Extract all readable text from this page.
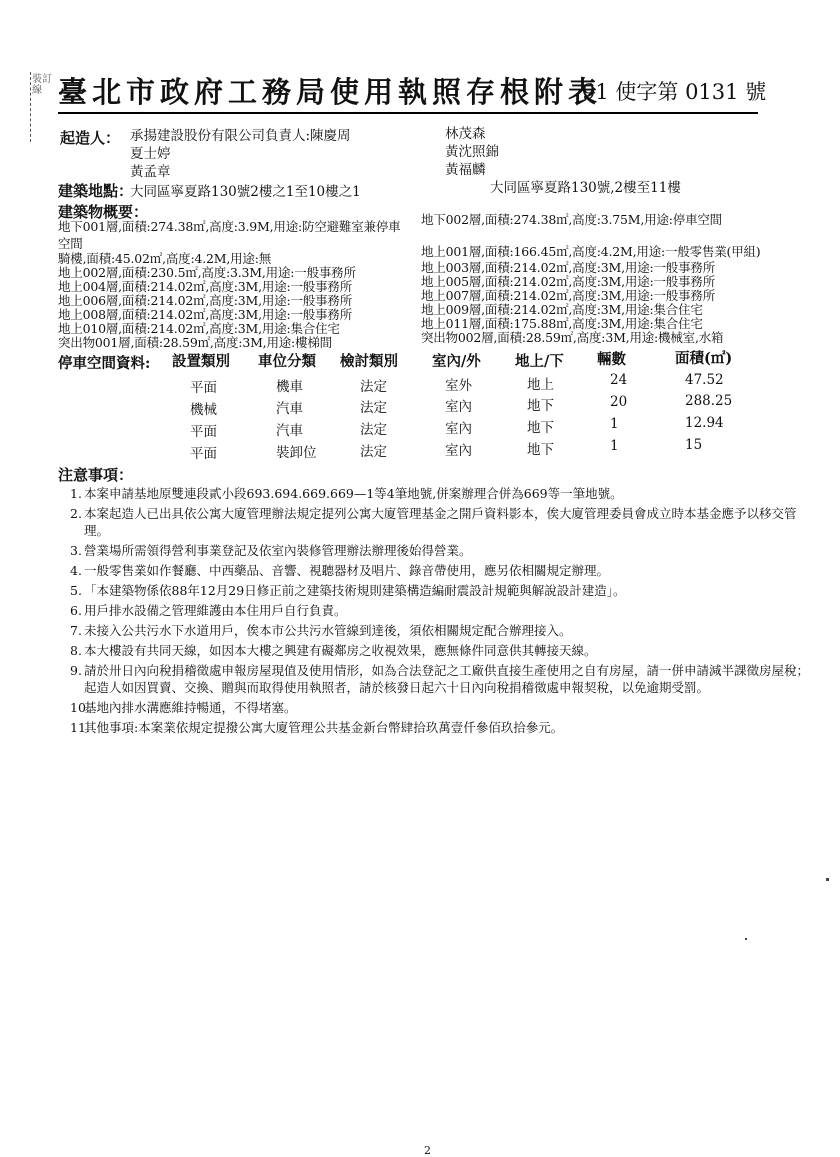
裝訂線 臺北市政府工務局使用執照存根附表
91 使字第 0131 號
起造人： 承揚建設股份有限公司負責人:陳慶周
夏士婷
黃孟章
林茂森
黃沈照錦
黃福麟
建築地點：
大同區寧夏路130號2樓之1至10樓之1	大同區寧夏路130號,2樓至11樓
建築物概要：
地下001層,面積:274.38㎡,高度:3.9M,用途:防空避難室兼停車 地下002層,面積:274.38㎡,高度:3.75M,用途:停車空間
空間
騎樓,面積:45.02㎡,高度:4.2M,用途:無
地上002層,面積:230.5㎡,高度:3.3M,用途:一般事務所
地上004層,面積:214.02㎡,高度:3M,用途:一般事務所
地上006層,面積:214.02㎡,高度:3M,用途:一般事務所
地上008層,面積:214.02㎡,高度:3M,用途:一般事務所
地上010層,面積:214.02㎡,高度:3M,用途:集合住宅
突出物001層,面積:28.59㎡,高度:3M,用途:樓梯間
地上001層,面積:166.45㎡,高度:4.2M,用途:一般零售業(甲組)
地上003層,面積:214.02㎡,高度:3M,用途:一般事務所
地上005層,面積:214.02㎡,高度:3M,用途:一般事務所
地上007層,面積:214.02㎡,高度:3M,用途:一般事務所
地上009層,面積:214.02㎡,高度:3M,用途:集合住宅
地上011層,面積:175.88㎡,高度:3M,用途:集合住宅
突出物002層,面積:28.59㎡,高度:3M,用途:機械室,水箱
停車空間資料: 設置類別 車位分類 檢討類別 室內/外 地上/下 輛數	面積(㎡)
平面	機車	法定	室外	地上	24	47.52
機械	汽車	法定	室內	地下	20	288.25
平面	汽車	法定	室內	地下	1	12.94
平面	裝卸位	法定	室內	地下	1	15
注意事項：
1. 本案申請基地原雙連段貳小段693.694.669.669—1等4筆地號,併案辦理合併為669等一筆地號。
2. 本案起造人已出具依公寓大廈管理辦法規定提列公寓大廈管理基金之開戶資料影本，俟大廈管理委員會成立時本基金應予以移交管理。
3. 營業場所需領得營利事業登記及依室內裝修管理辦法辦理後始得營業。
4. 一般零售業如作餐廳、中西藥品、音響、視聽器材及唱片、錄音帶使用，應另依相關規定辦理。
5. 「本建築物係依88年12月29日修正前之建築技術規則建築構造編耐震設計規範與解說設計建造」。
6. 用戶排水設備之管理維護由本住用戶自行負責。
7. 未接入公共污水下水道用戶，俟本市公共污水管線到達後，須依相關規定配合辦理接入。
8. 本大樓設有共同天線，如因本大樓之興建有礙鄰房之收視效果，應無條件同意供其轉接天線。
9. 請於卅日內向稅捐稽徵處申報房屋現值及使用情形，如為合法登記之工廠供直接生產使用之自有房屋，請一併申請減半課徵房屋稅；起造人如因買賣、交換、贈與而取得使用執照者，請於核發日起六十日內向稅捐稽徵處申報契稅，以免逾期受罰。
10.
基地內排水溝應維持暢通，不得堵塞。
11.
其他事項:本案業依規定提撥公寓大廈管理公共基金新台幣肆拾玖萬壹仟參佰玖拾參元。
2
